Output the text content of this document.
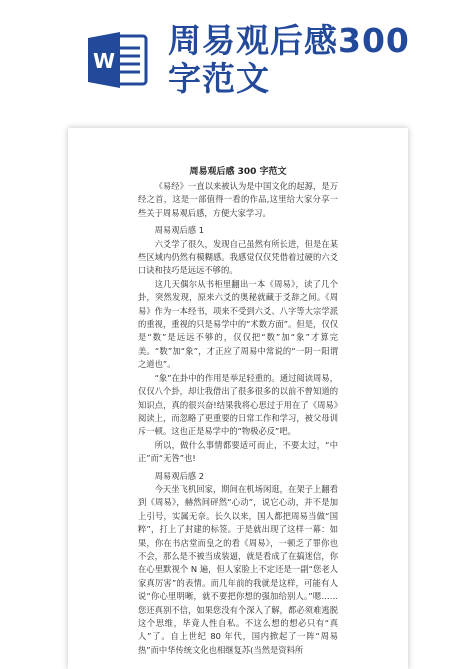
W
周易观后感300
字范文
周易观后感 300 字范文

《易经》一直以来被认为是中国文化的起源，是万经之首，这是一部值得一看的作品,这里给大家分享一些关于周易观后感，方便大家学习。

周易观后感 1

六爻学了很久，发现自己虽然有所长进，但是在某些区域内仍然有模糊感。我感觉仅仅凭借着过硬的六爻口诀和技巧是远远不够的。

这几天偶尔从书柜里翻出一本《周易》，读了几个卦，突然发现，原来六爻的奥秘就藏于爻辞之间。《周易》作为一本经书，项来不受到六爻、八字等大宗学派的重视，重视的只是易学中的“术数方面”。但是，仅仅是“数”是远远不够的，仅仅把“数”加“象”才算完美。“数”加“象”，才正应了周易中常说的“一阴一阳谓之道也”。

“象”在卦中的作用是举足轻重的。通过阅读周易，仅仅八个卦，却让我借出了很多很多的以前不曾知道的知识点，真的很兴奋!结果我将心思过于用在了《周易》阅读上，而忽略了更重要的日常工作和学习，被父母训斥一顿。这也正是易学中的“物极必反”吧。

所以，做什么事情都要适可而止，不要太过，“中正”而“无咎”也!

周易观后感 2

今天坐飞机回家，期间在机场闲逛，在架子上翻看到《周易》，赫然间砰然“心动”，说它心动，并不是加上引号，实属无奈。长久以来，国人都把周易当做“国粹”，打上了封建的标签。于是就出现了这样一幕：如果，你在书店堂而皇之的看《周易》，一顿乏了罪你也不会，那么是不被当成装逼，就是看成了在搞迷信，你在心里默视个 N 遍，但人家脸上不定还是一副“您老人家真厉害”的表情。而几年前的我就是这样，可能有人说“你心里明晰，就不要把你想的强加给别人。”嗯……您还真别不信，如果您没有个深入了解，都必须难逃脱这个思维，毕竟人性自私。不这么想的想必只有“真人”了。自上世纪 80 年代，国内掀起了一阵“周易热”而中华传统文化也相继复苏(当然是资料所
